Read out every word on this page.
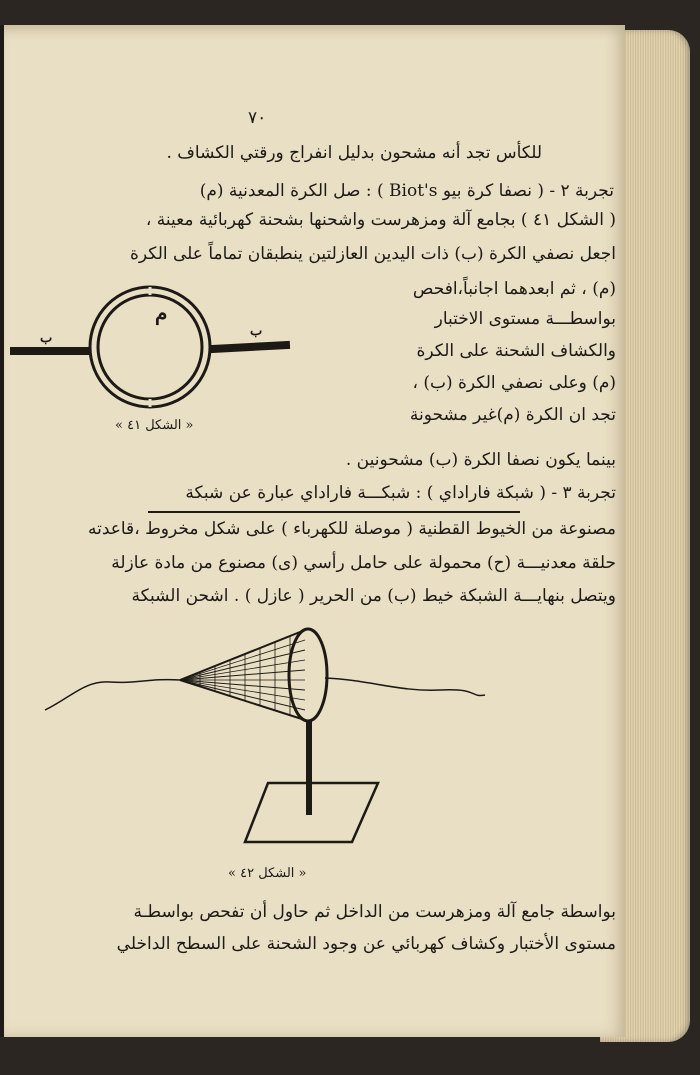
٧٠
للكأس تجد أنه مشحون بدليل انفراج ورقتي الكشاف .
تجربة ٢ - ( نصفا كرة بيو Biot's ) : صل الكرة المعدنية (م)
( الشكل ٤١ ) بجامع آلة ومزهرست واشحنها بشحنة كهربائية معينة ،
اجعل نصفي الكرة (ب) ذات اليدين العازلتين ينطبقان تماماً على الكرة
(م) ، ثم ابعدهما اجانباً،افحص
بواسطـــة مستوى الاختبار
والكشاف الشحنة على الكرة
(م) وعلى نصفي الكرة (ب) ،
تجد ان الكرة (م)غير مشحونة
بينما يكون نصفا الكرة (ب) مشحونين .
تجربة ٣ - ( شبكة فاراداي ) : شبكـــة فاراداي عبارة عن شبكة
مصنوعة من الخيوط القطنية ( موصلة للكهرباء ) على شكل مخروط ،قاعدته
حلقة معدنيـــة (ح) محمولة على حامل رأسي (ى) مصنوع من مادة عازلة
ويتصل بنهايـــة الشبكة خيط (ب) من الحرير ( عازل ) . اشحن الشبكة
بواسطة جامع آلة ومزهرست من الداخل ثم حاول أن تفحص بواسطـة
مستوى الأختبار وكشاف كهربائي عن وجود الشحنة على السطح الداخلي
م
ب	ب
« الشكل ٤١ »
« الشكل ٤٢ »
